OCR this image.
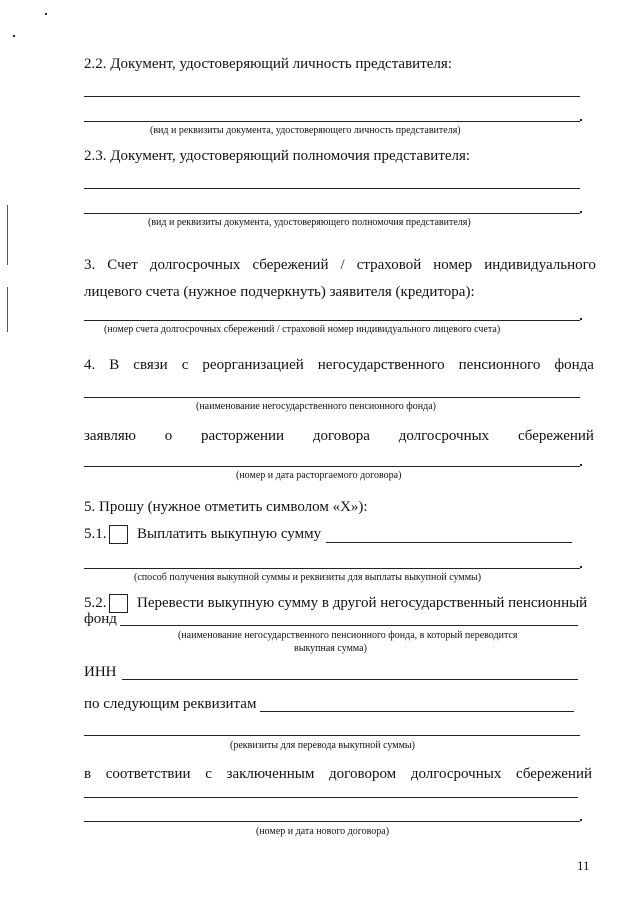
2.2. Документ, удостоверяющий личность представителя:
(вид и реквизиты документа, удостоверяющего личность представителя)
2.3. Документ, удостоверяющий полномочия представителя:
(вид и реквизиты документа, удостоверяющего полномочия представителя)
3. Счет долгосрочных сбережений / страховой номер индивидуального
лицевого счета (нужное подчеркнуть) заявителя (кредитора):
(номер счета долгосрочных сбережений / страховой номер индивидуального лицевого счета)
4. В связи с реорганизацией негосударственного пенсионного фонда
(наименование негосударственного пенсионного фонда)
заявляю о расторжении договора долгосрочных сбережений
(номер и дата расторгаемого договора)
5. Прошу (нужное отметить символом «Х»):
5.1. Выплатить выкупную сумму
(способ получения выкупной суммы и реквизиты для выплаты выкупной суммы)
5.2. Перевести выкупную сумму в другой негосударственный пенсионный
фонд
(наименование негосударственного пенсионного фонда, в который переводится
выкупная сумма)
ИНН
по следующим реквизитам
(реквизиты для перевода выкупной суммы)
в соответствии с заключенным договором долгосрочных сбережений
(номер и дата нового договора)
11
